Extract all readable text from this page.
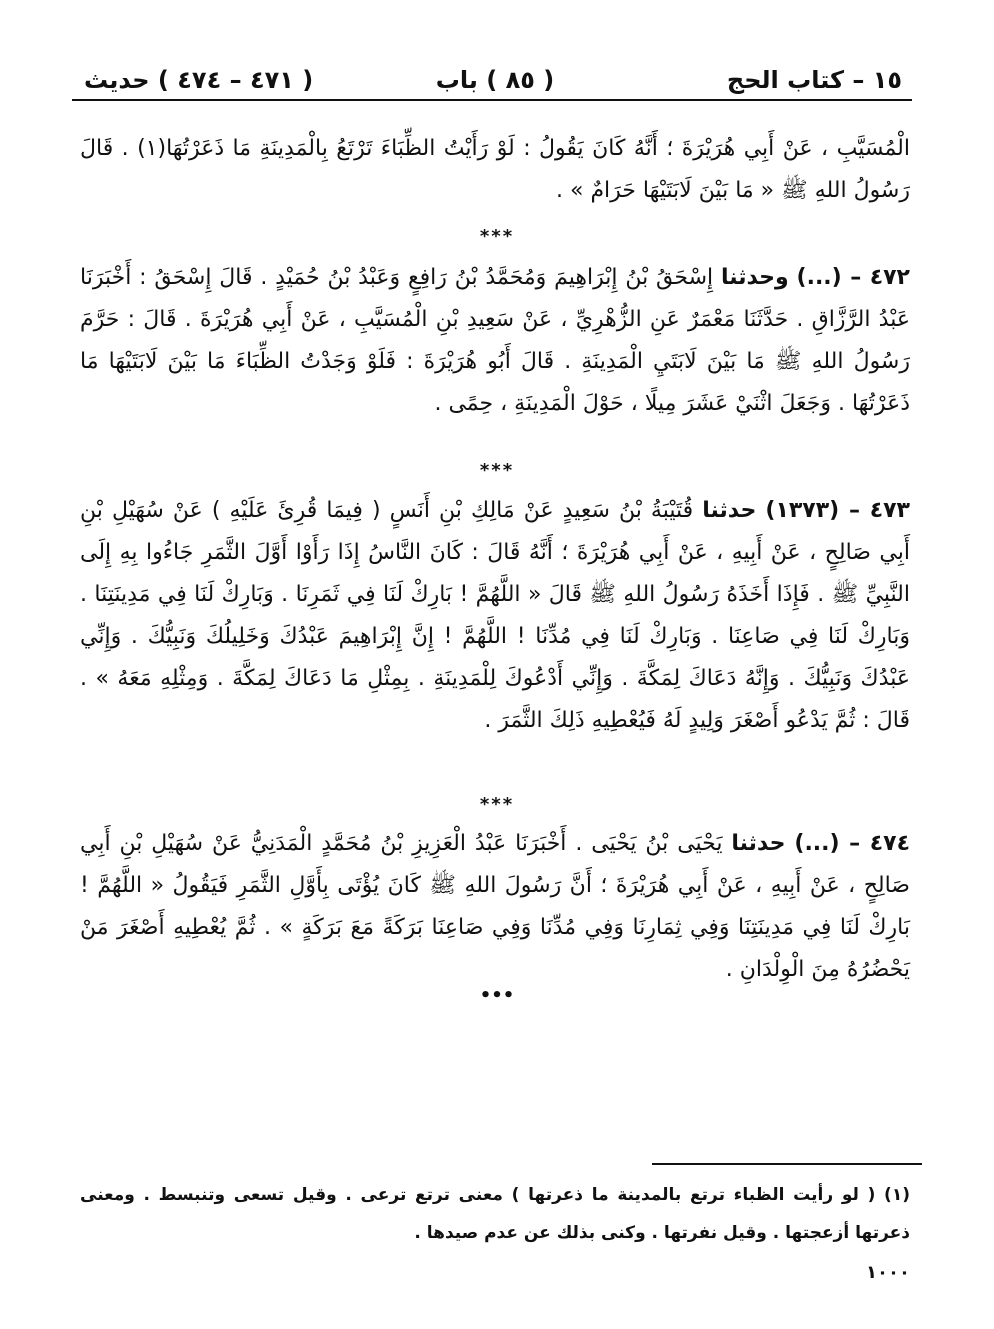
١٥ – كتاب الحج
( ٨٥ ) باب
( ٤٧١ – ٤٧٤ ) حديث
الْمُسَيَّبِ ، عَنْ أَبِي هُرَيْرَةَ ؛ أَنَّهُ كَانَ يَقُولُ : لَوْ رَأَيْتُ الظِّبَاءَ تَرْتَعُ بِالْمَدِينَةِ مَا ذَعَرْتُهَا(١) . قَالَ رَسُولُ اللهِ ﷺ « مَا بَيْنَ لَابَتَيْهَا حَرَامٌ » .
***
٤٧٢ – (...) وحدثنا إِسْحَقُ بْنُ إِبْرَاهِيمَ وَمُحَمَّدُ بْنُ رَافِعٍ وَعَبْدُ بْنُ حُمَيْدٍ . قَالَ إِسْحَقُ : أَخْبَرَنَا عَبْدُ الرَّزَّاقِ . حَدَّثَنَا مَعْمَرٌ عَنِ الزُّهْرِيِّ ، عَنْ سَعِيدِ بْنِ الْمُسَيَّبِ ، عَنْ أَبِي هُرَيْرَةَ . قَالَ : حَرَّمَ رَسُولُ اللهِ ﷺ مَا بَيْنَ لَابَتَيِ الْمَدِينَةِ . قَالَ أَبُو هُرَيْرَةَ : فَلَوْ وَجَدْتُ الظِّبَاءَ مَا بَيْنَ لَابَتَيْهَا مَا ذَعَرْتُهَا . وَجَعَلَ اثْنَيْ عَشَرَ مِيلًا ، حَوْلَ الْمَدِينَةِ ، حِمًى .
***
٤٧٣ – (١٣٧٣) حدثنا قُتَيْبَةُ بْنُ سَعِيدٍ عَنْ مَالِكِ بْنِ أَنَسٍ ( فِيمَا قُرِئَ عَلَيْهِ ) عَنْ سُهَيْلِ بْنِ أَبِي صَالِحٍ ، عَنْ أَبِيهِ ، عَنْ أَبِي هُرَيْرَةَ ؛ أَنَّهُ قَالَ : كَانَ النَّاسُ إِذَا رَأَوْا أَوَّلَ الثَّمَرِ جَاءُوا بِهِ إِلَى النَّبِيِّ ﷺ . فَإِذَا أَخَذَهُ رَسُولُ اللهِ ﷺ قَالَ « اللَّهُمَّ ! بَارِكْ لَنَا فِي ثَمَرِنَا . وَبَارِكْ لَنَا فِي مَدِينَتِنَا . وَبَارِكْ لَنَا فِي صَاعِنَا . وَبَارِكْ لَنَا فِي مُدِّنَا ! اللَّهُمَّ ! إِنَّ إِبْرَاهِيمَ عَبْدُكَ وَخَلِيلُكَ وَنَبِيُّكَ . وَإِنِّي عَبْدُكَ وَنَبِيُّكَ . وَإِنَّهُ دَعَاكَ لِمَكَّةَ . وَإِنِّي أَدْعُوكَ لِلْمَدِينَةِ . بِمِثْلِ مَا دَعَاكَ لِمَكَّةَ . وَمِثْلِهِ مَعَهُ » . قَالَ : ثُمَّ يَدْعُو أَصْغَرَ وَلِيدٍ لَهُ فَيُعْطِيهِ ذَلِكَ الثَّمَرَ .
***
٤٧٤ – (...) حدثنا يَحْيَى بْنُ يَحْيَى . أَخْبَرَنَا عَبْدُ الْعَزِيزِ بْنُ مُحَمَّدٍ الْمَدَنِيُّ عَنْ سُهَيْلِ بْنِ أَبِي صَالِحٍ ، عَنْ أَبِيهِ ، عَنْ أَبِي هُرَيْرَةَ ؛ أَنَّ رَسُولَ اللهِ ﷺ كَانَ يُؤْتَى بِأَوَّلِ الثَّمَرِ فَيَقُولُ « اللَّهُمَّ ! بَارِكْ لَنَا فِي مَدِينَتِنَا وَفِي ثِمَارِنَا وَفِي مُدِّنَا وَفِي صَاعِنَا بَرَكَةً مَعَ بَرَكَةٍ » . ثُمَّ يُعْطِيهِ أَصْغَرَ مَنْ يَحْضُرُهُ مِنَ الْوِلْدَانِ .
•••
(١) ( لو رأيت الظباء ترتع بالمدينة ما ذعرتها ) معنى ترتع ترعى . وقيل تسعى وتنبسط . ومعنى ذعرتها أزعجتها . وقيل نفرتها . وكنى بذلك عن عدم صيدها .
١٠٠٠
